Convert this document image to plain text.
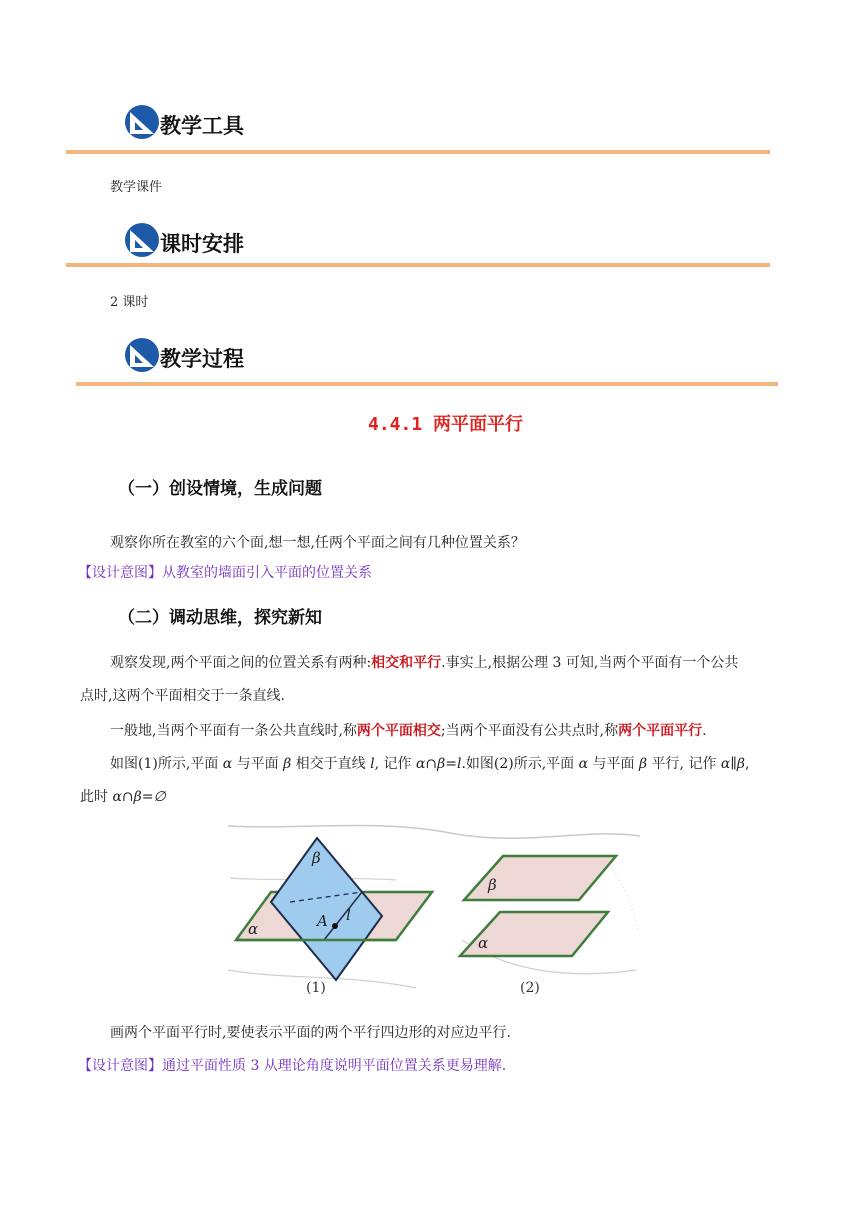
教学工具
教学课件
课时安排
2 课时
教学过程
4.4.1 两平面平行
（一）创设情境，生成问题
观察你所在教室的六个面,想一想,任两个平面之间有几种位置关系？
【设计意图】从教室的墙面引入平面的位置关系
（二）调动思维，探究新知
观察发现,两个平面之间的位置关系有两种:相交和平行.事实上,根据公理 3 可知,当两个平面有一个公共
点时,这两个平面相交于一条直线.
一般地,当两个平面有一条公共直线时,称两个平面相交;当两个平面没有公共点时,称两个平面平行.
如图(1)所示,平面 α 与平面 β 相交于直线 l, 记作 α∩β=l.如图(2)所示,平面 α 与平面 β 平行, 记作 α∥β,
此时 α∩β=∅
β
α	A l
(1)
β
α
(2)
画两个平面平行时,要使表示平面的两个平行四边形的对应边平行.
【设计意图】通过平面性质 3 从理论角度说明平面位置关系更易理解.
